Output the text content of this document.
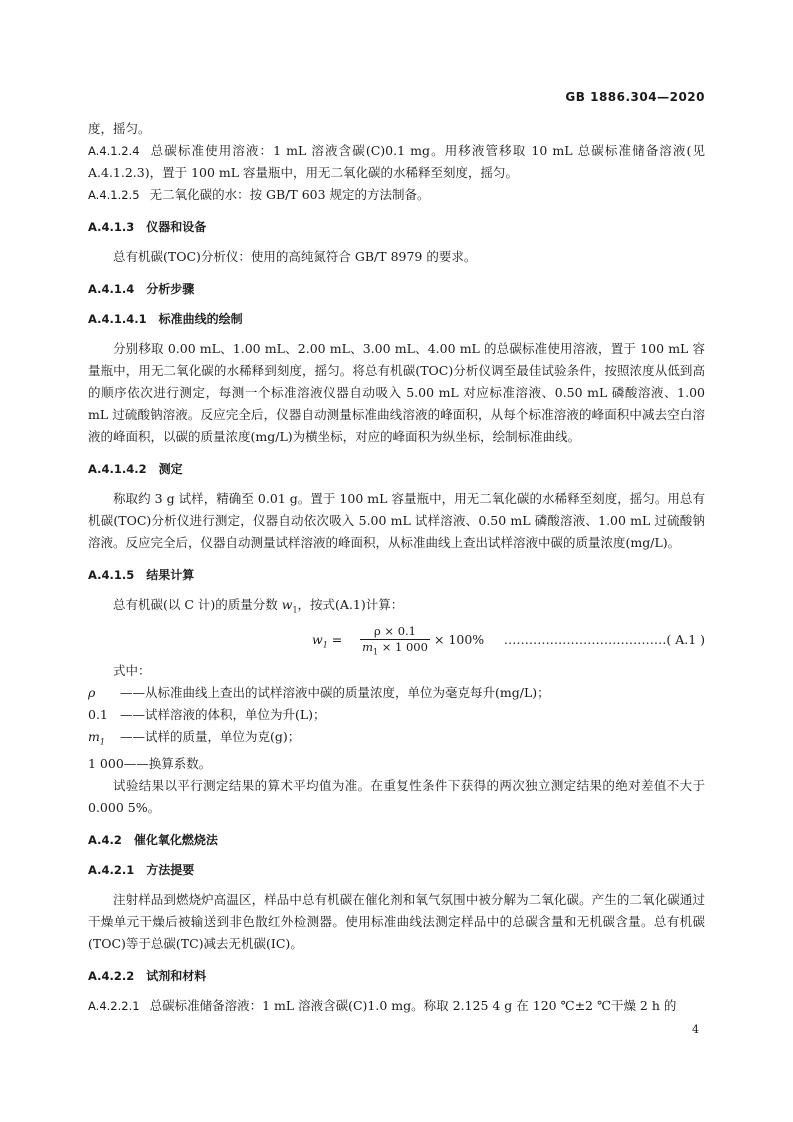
GB 1886.304—2020

度，摇匀。

A.4.1.2.4 总碳标准使用溶液：1 mL 溶液含碳(C)0.1 mg。用移液管移取 10 mL 总碳标准储备溶液(见A.4.1.2.3)，置于 100 mL 容量瓶中，用无二氧化碳的水稀释至刻度，摇匀。

A.4.1.2.5 无二氧化碳的水：按 GB/T 603 规定的方法制备。

A.4.1.3 仪器和设备

总有机碳(TOC)分析仪：使用的高纯氮符合 GB/T 8979 的要求。

A.4.1.4 分析步骤
A.4.1.4.1 标准曲线的绘制

分别移取 0.00 mL、1.00 mL、2.00 mL、3.00 mL、4.00 mL 的总碳标准使用溶液，置于 100 mL 容量瓶中，用无二氧化碳的水稀释到刻度，摇匀。将总有机碳(TOC)分析仪调至最佳试验条件，按照浓度从低到高的顺序依次进行测定，每测一个标准溶液仪器自动吸入 5.00 mL 对应标准溶液、0.50 mL 磷酸溶液、1.00 mL 过硫酸钠溶液。反应完全后，仪器自动测量标准曲线溶液的峰面积，从每个标准溶液的峰面积中减去空白溶液的峰面积，以碳的质量浓度(mg/L)为横坐标，对应的峰面积为纵坐标，绘制标准曲线。

A.4.1.4.2 测定

称取约 3 g 试样，精确至 0.01 g。置于 100 mL 容量瓶中，用无二氧化碳的水稀释至刻度，摇匀。用总有机碳(TOC)分析仪进行测定，仪器自动依次吸入 5.00 mL 试样溶液、0.50 mL 磷酸溶液、1.00 mL 过硫酸钠溶液。反应完全后，仪器自动测量试样溶液的峰面积，从标准曲线上查出试样溶液中碳的质量浓度(mg/L)。

A.4.1.5 结果计算

总有机碳(以 C 计)的质量分数 $w_1$，按式(A.1)计算：

$w_1 = \frac{\rho \times 0.1}{m_1 \times 1 000} \times 100\%$ …………………………………( A.1 )

式中：

ρ ——从标准曲线上查出的试样溶液中碳的质量浓度，单位为毫克每升(mg/L)；

0.1 ——试样溶液的体积，单位为升(L)；

$m_1$ ——试样的质量，单位为克(g)；

1 000——换算系数。

试验结果以平行测定结果的算术平均值为准。在重复性条件下获得的两次独立测定结果的绝对差值不大于 0.000 5%。

A.4.2 催化氧化燃烧法
A.4.2.1 方法提要

注射样品到燃烧炉高温区，样品中总有机碳在催化剂和氧气氛围中被分解为二氧化碳。产生的二氧化碳通过干燥单元干燥后被输送到非色散红外检测器。使用标准曲线法测定样品中的总碳含量和无机碳含量。总有机碳(TOC)等于总碳(TC)减去无机碳(IC)。

A.4.2.2 试剂和材料

A.4.2.2.1 总碳标准储备溶液：1 mL 溶液含碳(C)1.0 mg。称取 2.125 4 g 在 120 ℃±2 ℃干燥 2 h 的

4
